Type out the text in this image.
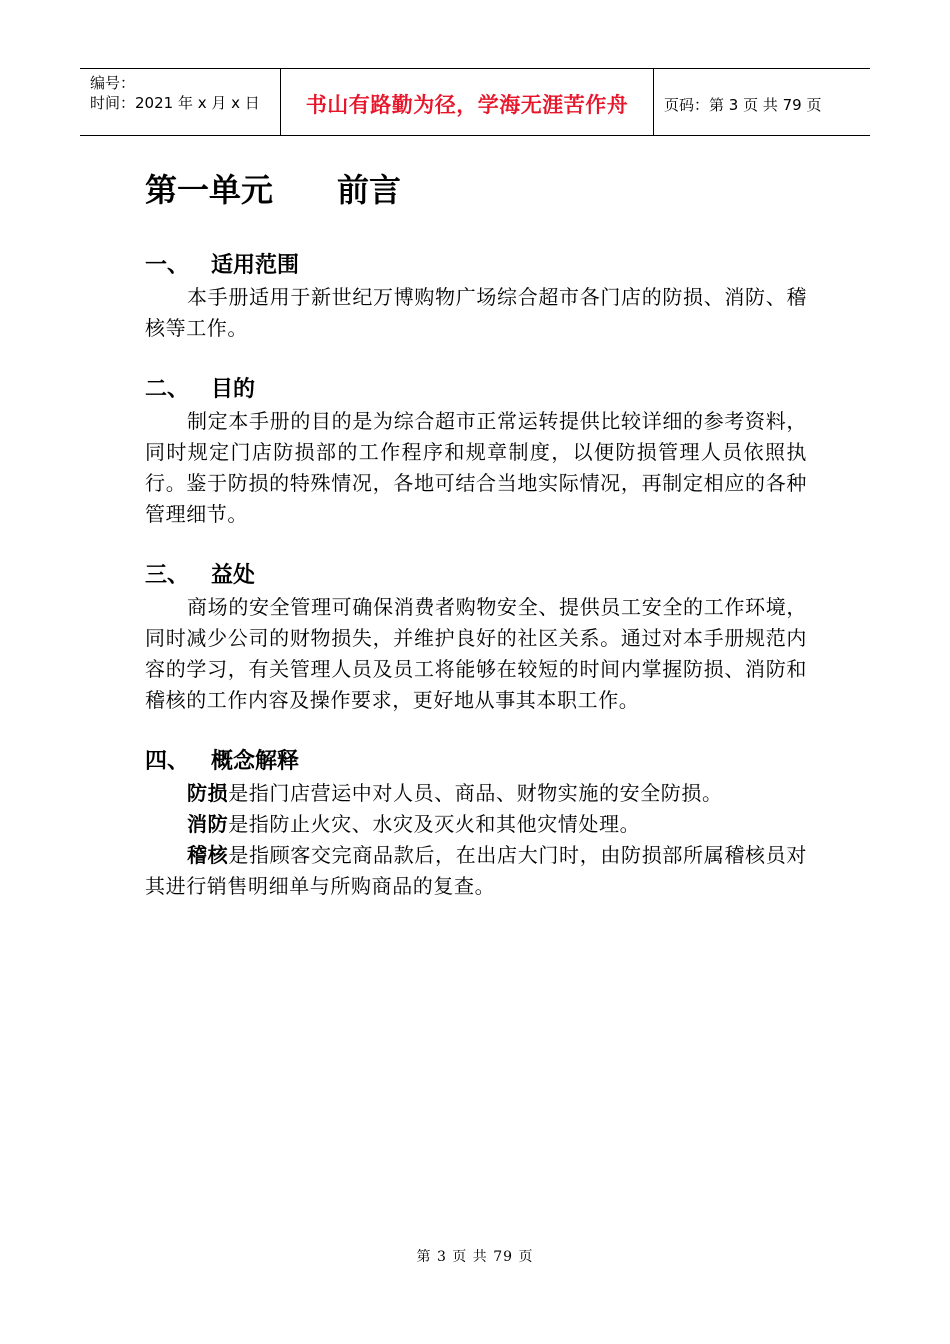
编号：
时间：2021 年 x 月 x 日	书山有路勤为径，学海无涯苦作舟	页码：第 3 页 共 79 页
第一单元　　前言
一、 适用范围

本手册适用于新世纪万博购物广场综合超市各门店的防损、消防、稽核等工作。

二、 目的

制定本手册的目的是为综合超市正常运转提供比较详细的参考资料，同时规定门店防损部的工作程序和规章制度，以便防损管理人员依照执行。鉴于防损的特殊情况，各地可结合当地实际情况，再制定相应的各种管理细节。

三、 益处

商场的安全管理可确保消费者购物安全、提供员工安全的工作环境，同时减少公司的财物损失，并维护良好的社区关系。通过对本手册规范内容的学习，有关管理人员及员工将能够在较短的时间内掌握防损、消防和稽核的工作内容及操作要求，更好地从事其本职工作。

四、 概念解释

防损是指门店营运中对人员、商品、财物实施的安全防损。

消防是指防止火灾、水灾及灭火和其他灾情处理。

稽核是指顾客交完商品款后，在出店大门时，由防损部所属稽核员对其进行销售明细单与所购商品的复查。

第 3 页 共 79 页
